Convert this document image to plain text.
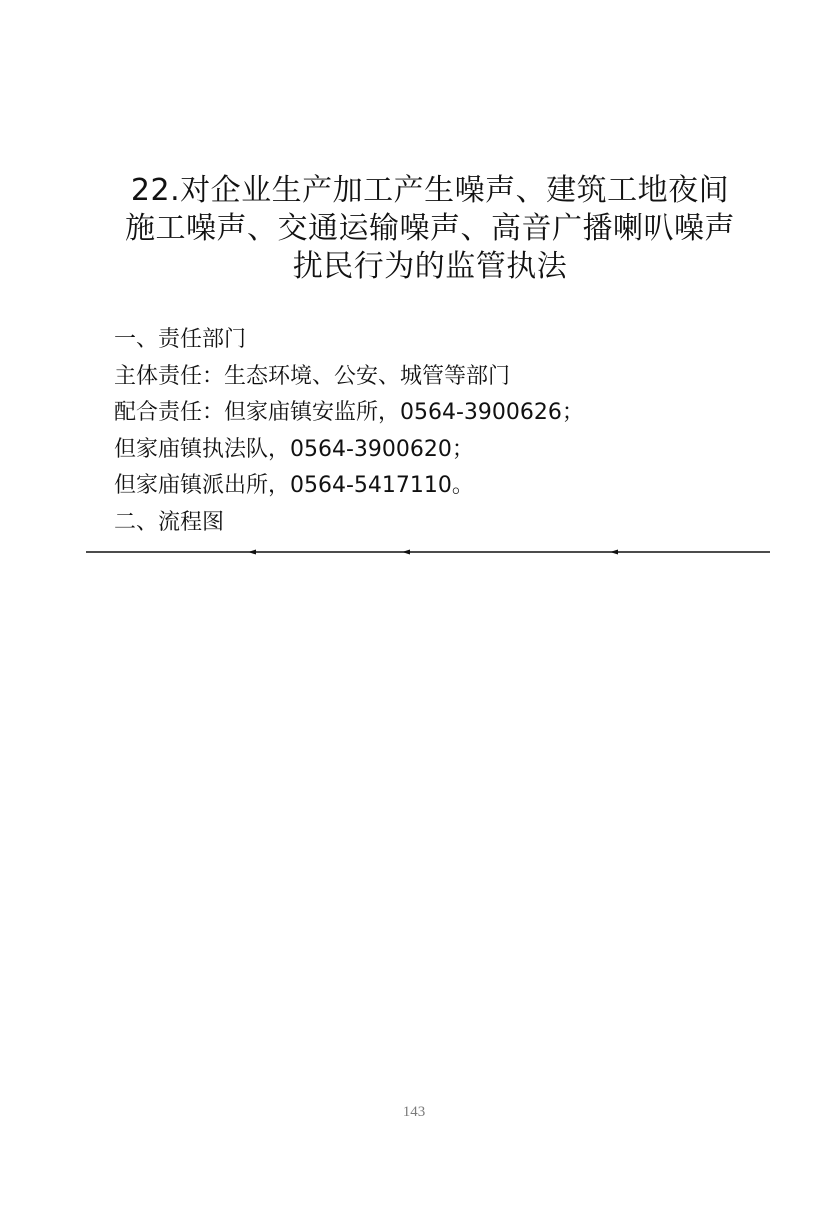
22.对企业生产加工产生噪声、建筑工地夜间
施工噪声、交通运输噪声、高音广播喇叭噪声
扰民行为的监管执法
一、责任部门
主体责任：生态环境、公安、城管等部门
配合责任：但家庙镇安监所，0564-3900626；
但家庙镇执法队，0564-3900620；
但家庙镇派出所，0564-5417110。
二、流程图
143
